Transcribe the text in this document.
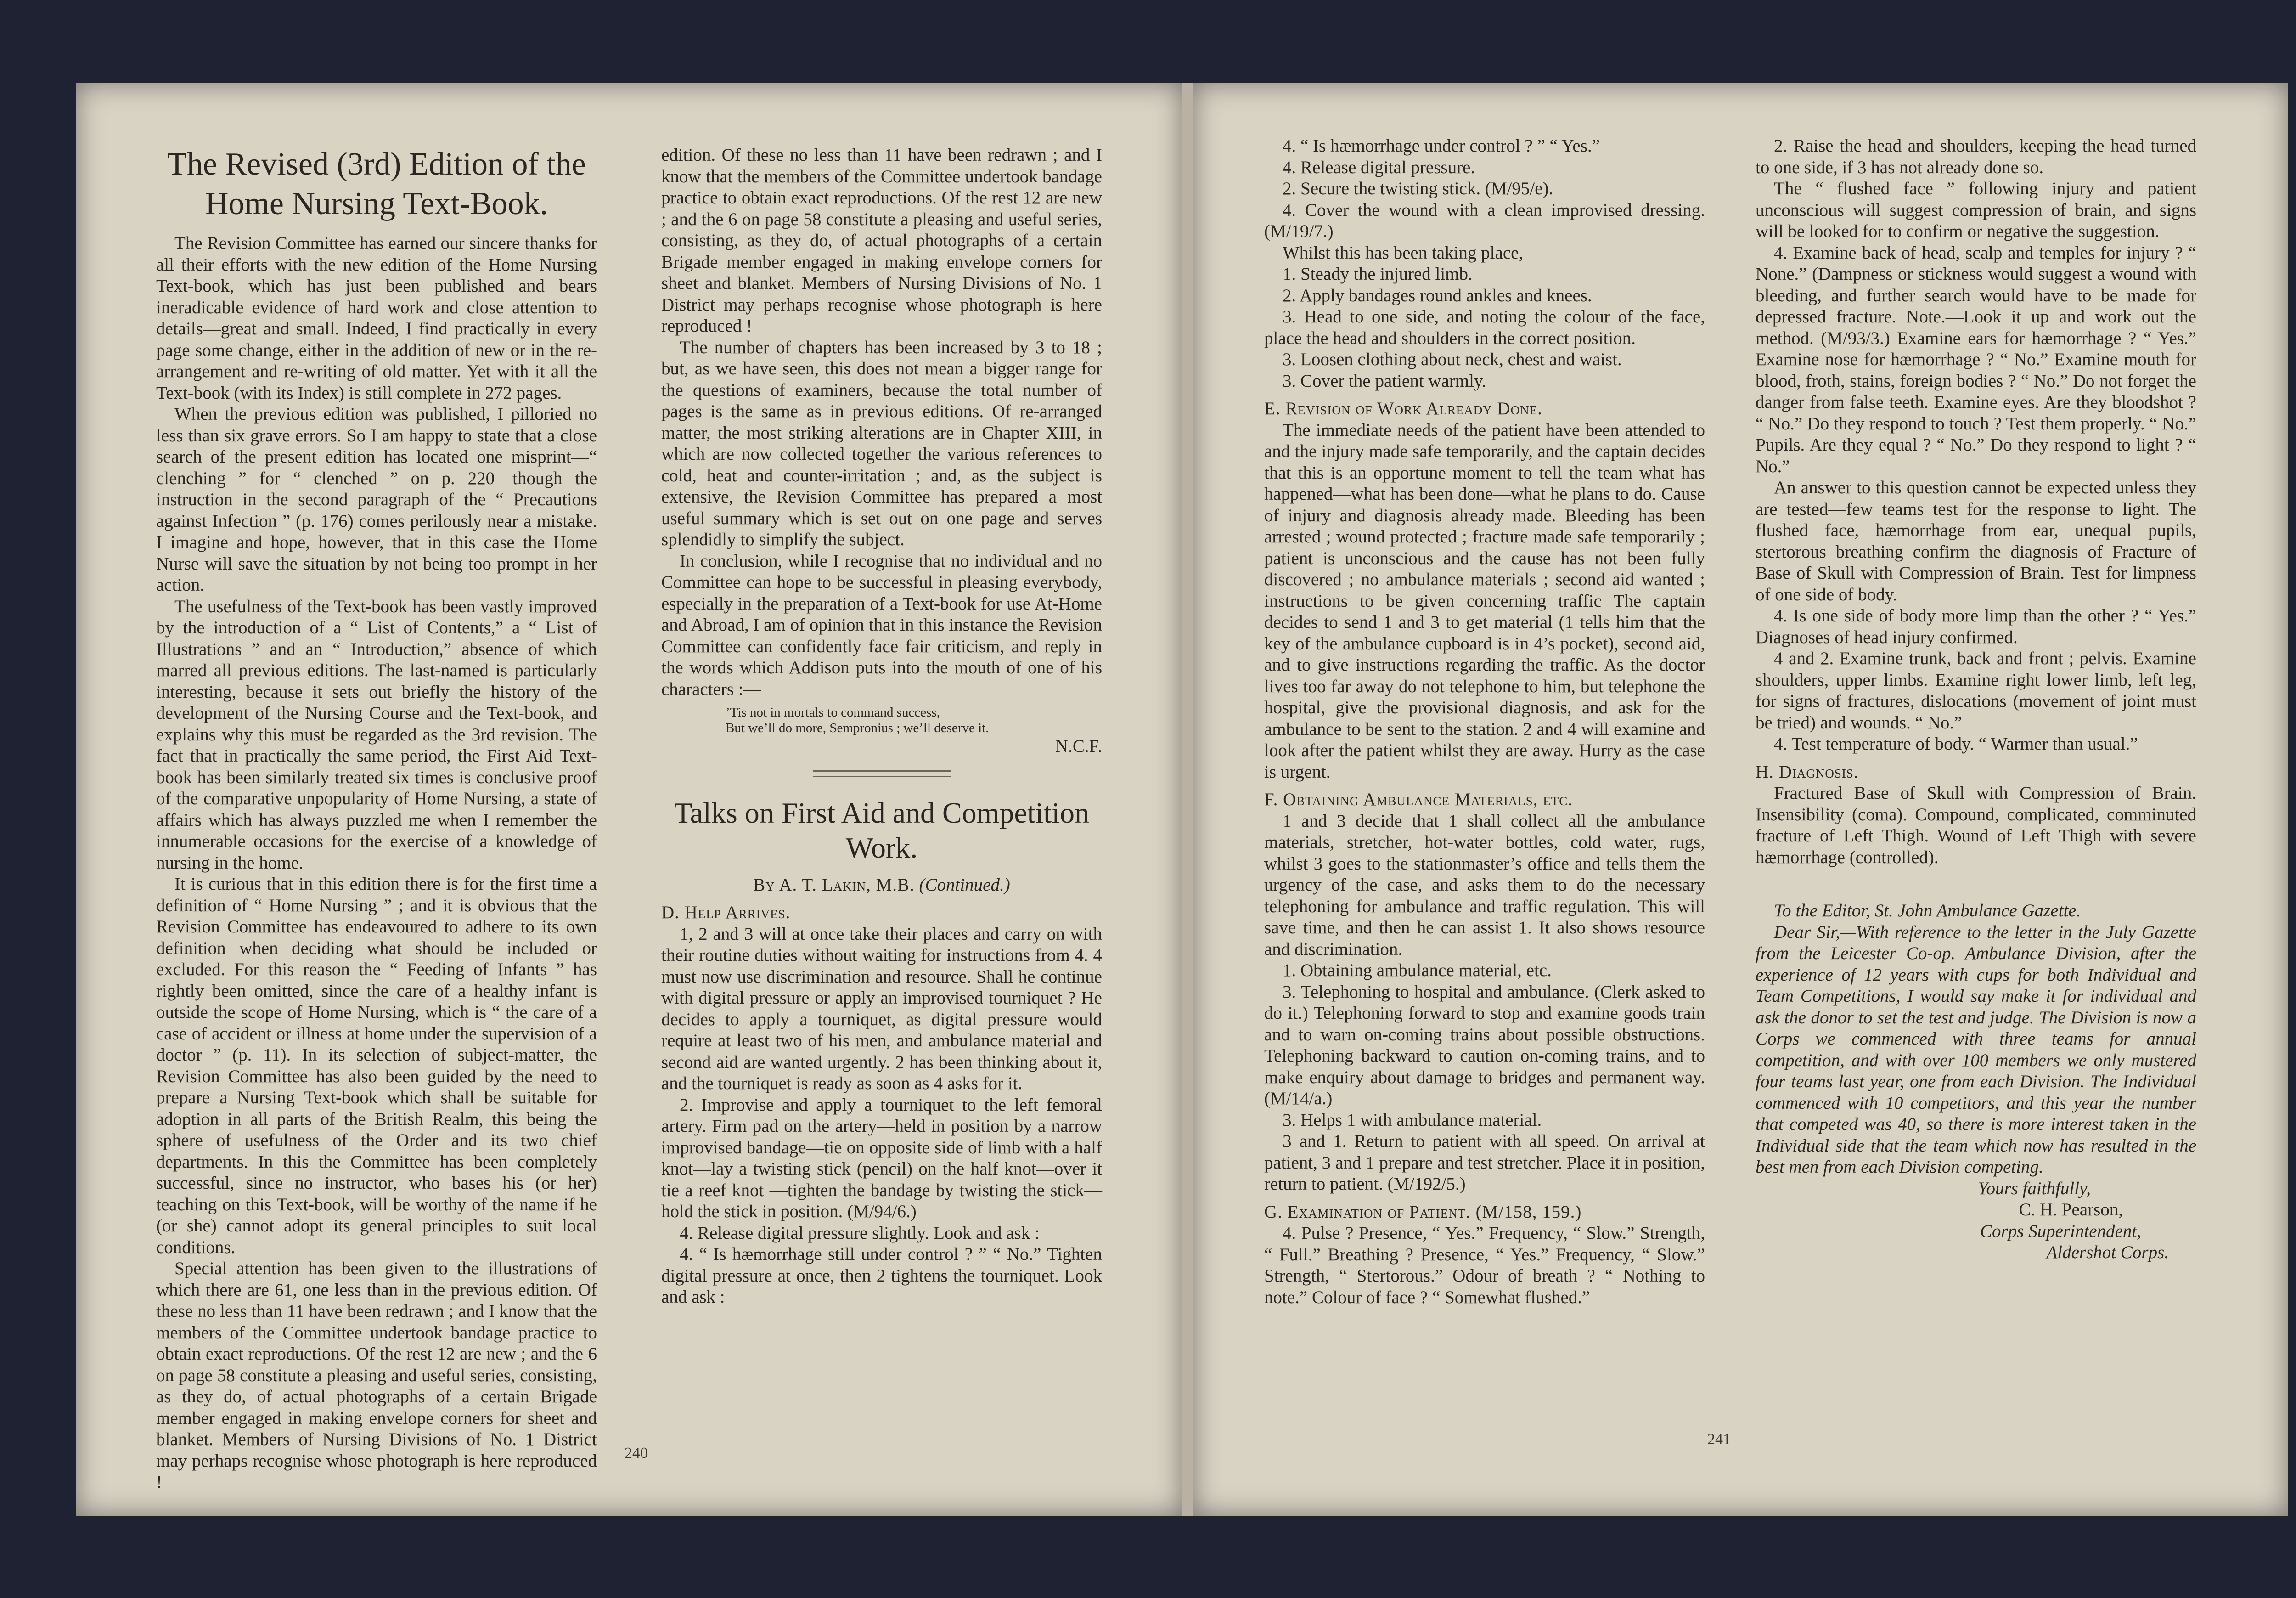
The Revised (3rd) Edition of the Home Nursing Text-Book.

The Revision Committee has earned our sincere thanks for all their efforts with the new edition of the Home Nursing Text-book, which has just been published and bears ineradicable evidence of hard work and close attention to details—great and small. Indeed, I find practically in every page some change, either in the addition of new or in the re-arrangement and re-writing of old matter. Yet with it all the Text-book (with its Index) is still complete in 272 pages.

When the previous edition was published, I pilloried no less than six grave errors. So I am happy to state that a close search of the present edition has located one misprint—“ clenching ” for “ clenched ” on p. 220—though the instruction in the second paragraph of the “ Precautions against Infection ” (p. 176) comes perilously near a mistake. I imagine and hope, however, that in this case the Home Nurse will save the situation by not being too prompt in her action.

The usefulness of the Text-book has been vastly improved by the introduction of a “ List of Contents,” a “ List of Illustrations ” and an “ Introduction,” absence of which marred all previous editions. The last-named is particularly interesting, because it sets out briefly the history of the development of the Nursing Course and the Text-book, and explains why this must be regarded as the 3rd revision. The fact that in practically the same period, the First Aid Text-book has been similarly treated six times is conclusive proof of the comparative unpopularity of Home Nursing, a state of affairs which has always puzzled me when I remember the innumerable occasions for the exercise of a knowledge of nursing in the home.

It is curious that in this edition there is for the first time a definition of “ Home Nursing ” ; and it is obvious that the Revision Committee has endeavoured to adhere to its own definition when deciding what should be included or excluded. For this reason the “ Feeding of Infants ” has rightly been omitted, since the care of a healthy infant is outside the scope of Home Nursing, which is “ the care of a case of accident or illness at home under the supervision of a doctor ” (p. 11). In its selection of subject-matter, the Revision Committee has also been guided by the need to prepare a Nursing Text-book which shall be suitable for adoption in all parts of the British Realm, this being the sphere of usefulness of the Order and its two chief departments. In this the Committee has been completely successful, since no instructor, who bases his (or her) teaching on this Text-book, will be worthy of the name if he (or she) cannot adopt its general principles to suit local conditions.

Special attention has been given to the illustrations of which there are 61, one less than in the previous edition. Of these no less than 11 have been redrawn ; and I know that the members of the Committee undertook bandage practice to obtain exact reproductions. Of the rest 12 are new ; and the 6 on page 58 constitute a pleasing and useful series, consisting, as they do, of actual photographs of a certain Brigade member engaged in making envelope corners for sheet and blanket. Members of Nursing Divisions of No. 1 District may perhaps recognise whose photograph is here reproduced !

edition. Of these no less than 11 have been redrawn ; and I know that the members of the Committee undertook bandage practice to obtain exact reproductions. Of the rest 12 are new ; and the 6 on page 58 constitute a pleasing and useful series, consisting, as they do, of actual photographs of a certain Brigade member engaged in making envelope corners for sheet and blanket. Members of Nursing Divisions of No. 1 District may perhaps recognise whose photograph is here reproduced !

The number of chapters has been increased by 3 to 18 ; but, as we have seen, this does not mean a bigger range for the questions of examiners, because the total number of pages is the same as in previous editions. Of re-arranged matter, the most striking alterations are in Chapter XIII, in which are now collected together the various references to cold, heat and counter-irritation ; and, as the subject is extensive, the Revision Committee has prepared a most useful summary which is set out on one page and serves splendidly to simplify the subject.

In conclusion, while I recognise that no individual and no Committee can hope to be successful in pleasing everybody, especially in the preparation of a Text-book for use At-Home and Abroad, I am of opinion that in this instance the Revision Committee can confidently face fair criticism, and reply in the words which Addison puts into the mouth of one of his characters :—

’Tis not in mortals to command success,

But we’ll do more, Sempronius ; we’ll deserve it.

N.C.F.

Talks on First Aid and Competition Work.

By A. T. Lakin, M.B. (Continued.)

D. Help Arrives.

1, 2 and 3 will at once take their places and carry on with their routine duties without waiting for instructions from 4. 4 must now use discrimination and resource. Shall he continue with digital pressure or apply an improvised tourniquet ? He decides to apply a tourniquet, as digital pressure would require at least two of his men, and ambulance material and second aid are wanted urgently. 2 has been thinking about it, and the tourniquet is ready as soon as 4 asks for it.

2. Improvise and apply a tourniquet to the left femoral artery. Firm pad on the artery—held in position by a narrow improvised bandage—tie on opposite side of limb with a half knot—lay a twisting stick (pencil) on the half knot—over it tie a reef knot —tighten the bandage by twisting the stick—hold the stick in position. (M/94/6.)

4. Release digital pressure slightly. Look and ask :

4. “ Is hæmorrhage still under control ? ” “ No.” Tighten digital pressure at once, then 2 tightens the tourniquet. Look and ask :

240

4. “ Is hæmorrhage under control ? ” “ Yes.”

4. Release digital pressure.

2. Secure the twisting stick. (M/95/e).

4. Cover the wound with a clean improvised dressing. (M/19/7.)

Whilst this has been taking place,

1. Steady the injured limb.

2. Apply bandages round ankles and knees.

3. Head to one side, and noting the colour of the face, place the head and shoulders in the correct position.

3. Loosen clothing about neck, chest and waist.

3. Cover the patient warmly.

E. Revision of Work Already Done.

The immediate needs of the patient have been attended to and the injury made safe temporarily, and the captain decides that this is an opportune moment to tell the team what has happened—what has been done—what he plans to do. Cause of injury and diagnosis already made. Bleeding has been arrested ; wound protected ; fracture made safe temporarily ; patient is unconscious and the cause has not been fully discovered ; no ambulance materials ; second aid wanted ; instructions to be given concerning traffic The captain decides to send 1 and 3 to get material (1 tells him that the key of the ambulance cupboard is in 4’s pocket), second aid, and to give instructions regarding the traffic. As the doctor lives too far away do not telephone to him, but telephone the hospital, give the provisional diagnosis, and ask for the ambulance to be sent to the station. 2 and 4 will examine and look after the patient whilst they are away. Hurry as the case is urgent.

F. Obtaining Ambulance Materials, etc.

1 and 3 decide that 1 shall collect all the ambulance materials, stretcher, hot-water bottles, cold water, rugs, whilst 3 goes to the stationmaster’s office and tells them the urgency of the case, and asks them to do the necessary telephoning for ambulance and traffic regulation. This will save time, and then he can assist 1. It also shows resource and discrimination.

1. Obtaining ambulance material, etc.

3. Telephoning to hospital and ambulance. (Clerk asked to do it.) Telephoning forward to stop and examine goods train and to warn on-coming trains about possible obstructions. Telephoning backward to caution on-coming trains, and to make enquiry about damage to bridges and permanent way. (M/14/a.)

3. Helps 1 with ambulance material.

3 and 1. Return to patient with all speed. On arrival at patient, 3 and 1 prepare and test stretcher. Place it in position, return to patient. (M/192/5.)

G. Examination of Patient. (M/158, 159.)

4. Pulse ? Presence, “ Yes.” Frequency, “ Slow.” Strength, “ Full.” Breathing ? Presence, “ Yes.” Frequency, “ Slow.” Strength, “ Stertorous.” Odour of breath ? “ Nothing to note.” Colour of face ? “ Somewhat flushed.”

2. Raise the head and shoulders, keeping the head turned to one side, if 3 has not already done so.

The “ flushed face ” following injury and patient unconscious will suggest compression of brain, and signs will be looked for to confirm or negative the suggestion.

4. Examine back of head, scalp and temples for injury ? “ None.” (Dampness or stickness would suggest a wound with bleeding, and further search would have to be made for depressed fracture. Note.—Look it up and work out the method. (M/93/3.) Examine ears for hæmorrhage ? “ Yes.” Examine nose for hæmorrhage ? “ No.” Examine mouth for blood, froth, stains, foreign bodies ? “ No.” Do not forget the danger from false teeth. Examine eyes. Are they bloodshot ? “ No.” Do they respond to touch ? Test them properly. “ No.” Pupils. Are they equal ? “ No.” Do they respond to light ? “ No.”

An answer to this question cannot be expected unless they are tested—few teams test for the response to light. The flushed face, hæmorrhage from ear, unequal pupils, stertorous breathing confirm the diagnosis of Fracture of Base of Skull with Compression of Brain. Test for limpness of one side of body.

4. Is one side of body more limp than the other ? “ Yes.” Diagnoses of head injury confirmed.

4 and 2. Examine trunk, back and front ; pelvis. Examine shoulders, upper limbs. Examine right lower limb, left leg, for signs of fractures, dislocations (movement of joint must be tried) and wounds. “ No.”

4. Test temperature of body. “ Warmer than usual.”

H. Diagnosis.

Fractured Base of Skull with Compression of Brain. Insensibility (coma). Compound, complicated, comminuted fracture of Left Thigh. Wound of Left Thigh with severe hæmorrhage (controlled).

To the Editor, St. John Ambulance Gazette.

Dear Sir,—With reference to the letter in the July Gazette from the Leicester Co-op. Ambulance Division, after the experience of 12 years with cups for both Individual and Team Competitions, I would say make it for individual and ask the donor to set the test and judge. The Division is now a Corps we commenced with three teams for annual competition, and with over 100 members we only mustered four teams last year, one from each Division. The Individual commenced with 10 competitors, and this year the number that competed was 40, so there is more interest taken in the Individual side that the team which now has resulted in the best men from each Division competing.

Yours faithfully,

C. H. Pearson,

Corps Superintendent,

Aldershot Corps.

241
